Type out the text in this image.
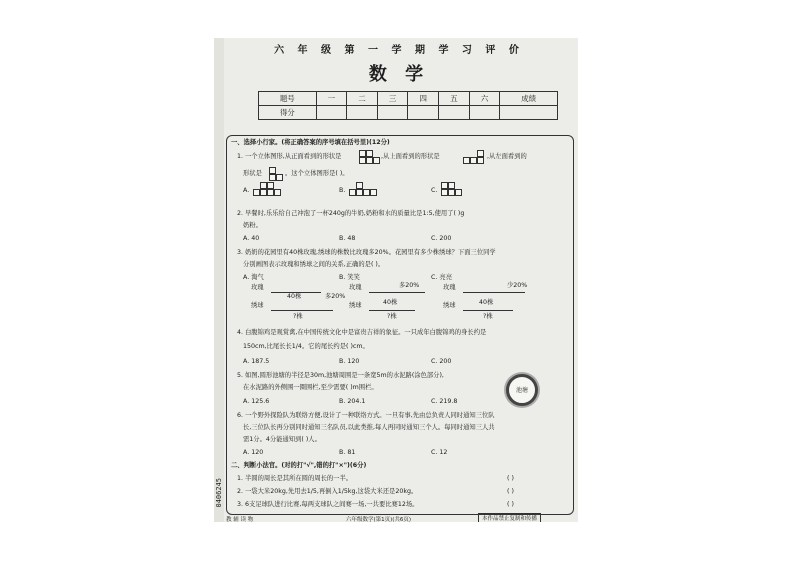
0406245
六 年 级 第 一 学 期 学 习 评 价
数 学
题号	一	二	三	四	五	六	成绩
得分							
一、选择小行家。(将正确答案的序号填在括号里)(12分)
1. 一个立体图形,从正面看到的形状是	,从上面看到的形状是	,从左面看到的
形状是	。这个立体图形是( )。
A.	B.	C.
2. 早餐时,乐乐给自己冲泡了一杯240g的牛奶,奶粉和水的质量比是1:5,使用了( )g
奶粉。
A. 40	B. 48	C. 200
3. 奶奶的花园里有40株玫瑰,绣球的株数比玫瑰多20%。花园里有多少株绣球？下面三位同学
分别画图表示玫瑰和绣球之间的关系,正确的是( )。
A. 淘气	B. 笑笑	C. 亮亮
玫瑰
40株	多20%
绣球
?株
玫瑰	多20%
绣球	40株
?株
玫瑰	少20%
绣球	40株
?株
4. 白腹锦鸡是观赏禽,在中国传统文化中是富贵吉祥的象征。一只成年白腹锦鸡的身长约是
150cm,比尾长长1/4。它的尾长约是( )cm。
A. 187.5	B. 120	C. 200
5. 如图,圆形池塘的半径是30m,池塘周围是一条宽5m的水泥路(涂色部分),
在水泥路的外侧围一圈围栏,至少需要( )m围栏。
A. 125.6	B. 204.1	C. 219.8
6. 一个野外探险队为联络方便,设计了一种联络方式。一旦有事,先由总负责人同时通知三位队
长,三位队长再分别同时通知三名队员,以此类推,每人再同时通知三个人。每同时通知三人共
需1分。4分能通知到( )人。
A. 120	B. 81	C. 12
二、判断小法官。(对的打"√",错的打"×")(6分)
1. 半圆的周长是其所在圆的周长的一半。	( )
2. 一袋大米20kg,先用去1/5,再倒入1/5kg,这袋大米还是20kg。	( )
3. 6支足球队进行比赛,每两支球队之间赛一场,一共要比赛12场。	( )
池塘
教 辅 读 物	六年级数学(第1页)(共6页)	本作品禁止复制和传播
